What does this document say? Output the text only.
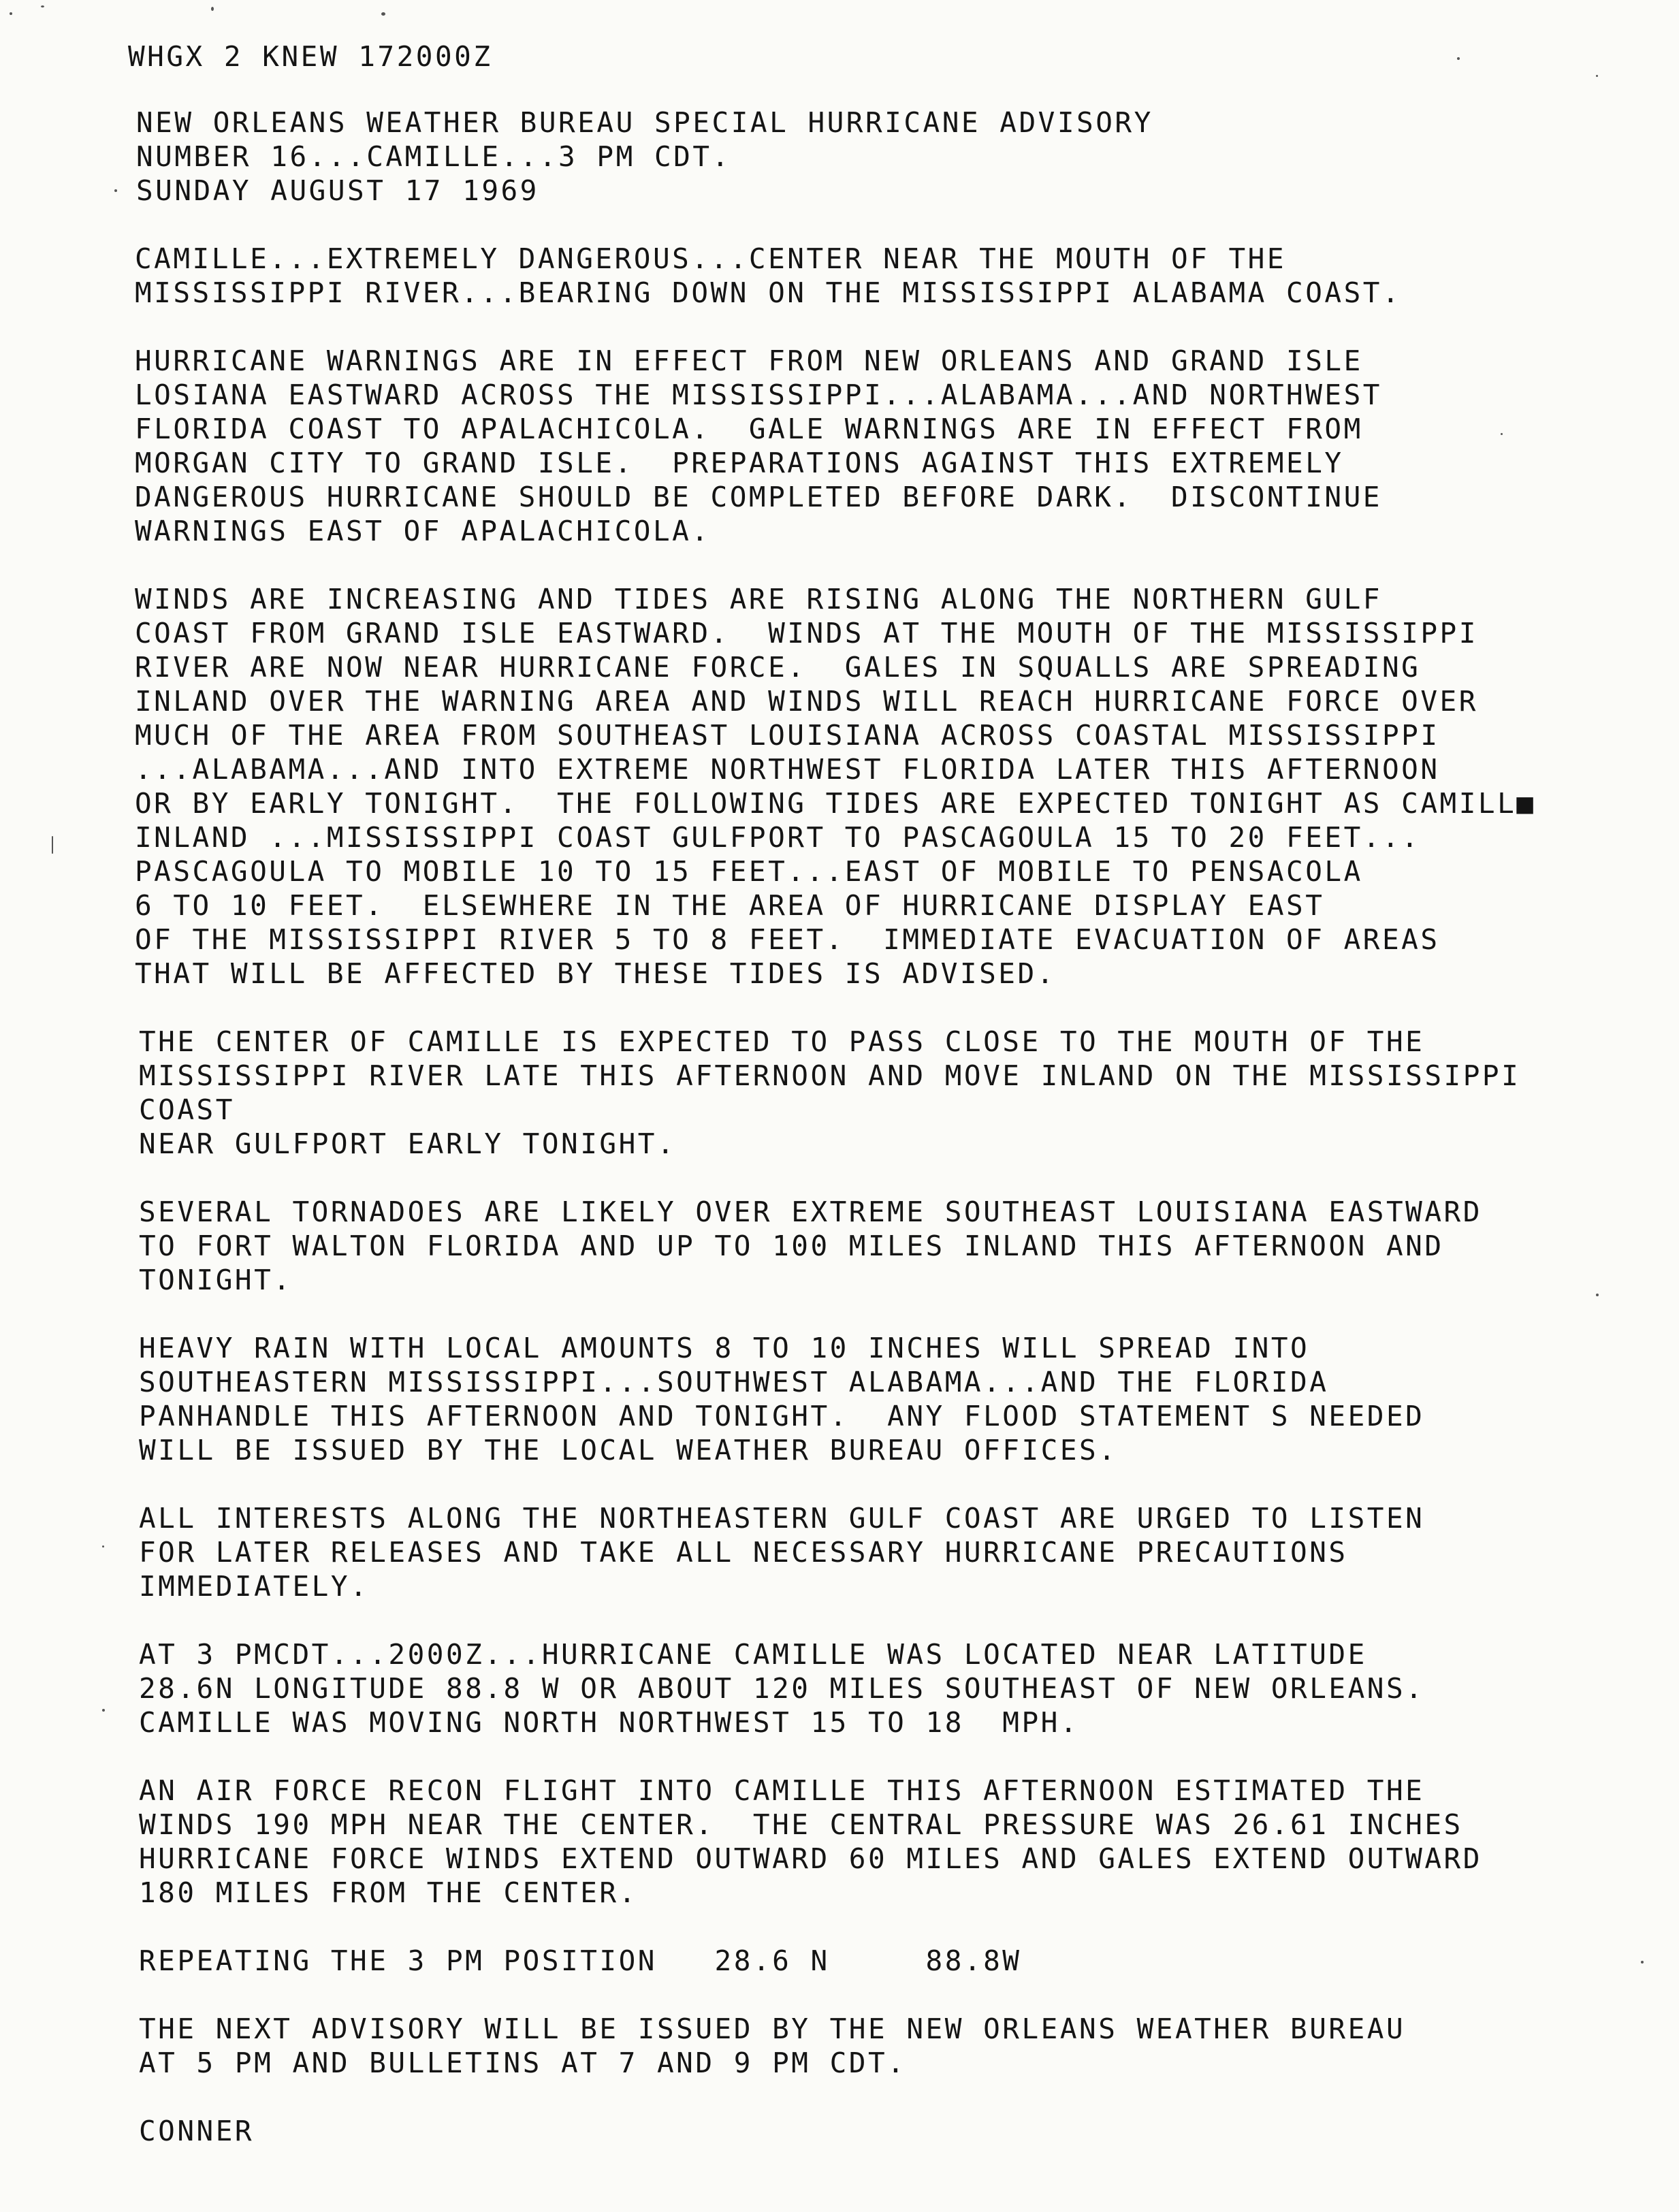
WHGX 2 KNEW 172000Z
NEW ORLEANS WEATHER BUREAU SPECIAL HURRICANE ADVISORY
NUMBER 16...CAMILLE...3 PM CDT.
SUNDAY AUGUST 17 1969
CAMILLE...EXTREMELY DANGEROUS...CENTER NEAR THE MOUTH OF THE
MISSISSIPPI RIVER...BEARING DOWN ON THE MISSISSIPPI ALABAMA COAST.
HURRICANE WARNINGS ARE IN EFFECT FROM NEW ORLEANS AND GRAND ISLE
LOSIANA EASTWARD ACROSS THE MISSISSIPPI...ALABAMA...AND NORTHWEST
FLORIDA COAST TO APALACHICOLA.  GALE WARNINGS ARE IN EFFECT FROM
MORGAN CITY TO GRAND ISLE.  PREPARATIONS AGAINST THIS EXTREMELY
DANGEROUS HURRICANE SHOULD BE COMPLETED BEFORE DARK.  DISCONTINUE
WARNINGS EAST OF APALACHICOLA.
WINDS ARE INCREASING AND TIDES ARE RISING ALONG THE NORTHERN GULF
COAST FROM GRAND ISLE EASTWARD.  WINDS AT THE MOUTH OF THE MISSISSIPPI
RIVER ARE NOW NEAR HURRICANE FORCE.  GALES IN SQUALLS ARE SPREADING
INLAND OVER THE WARNING AREA AND WINDS WILL REACH HURRICANE FORCE OVER
MUCH OF THE AREA FROM SOUTHEAST LOUISIANA ACROSS COASTAL MISSISSIPPI
...ALABAMA...AND INTO EXTREME NORTHWEST FLORIDA LATER THIS AFTERNOON
OR BY EARLY TONIGHT.  THE FOLLOWING TIDES ARE EXPECTED TONIGHT AS CAMILL■
INLAND ...MISSISSIPPI COAST GULFPORT TO PASCAGOULA 15 TO 20 FEET...
PASCAGOULA TO MOBILE 10 TO 15 FEET...EAST OF MOBILE TO PENSACOLA
6 TO 10 FEET.  ELSEWHERE IN THE AREA OF HURRICANE DISPLAY EAST
OF THE MISSISSIPPI RIVER 5 TO 8 FEET.  IMMEDIATE EVACUATION OF AREAS
THAT WILL BE AFFECTED BY THESE TIDES IS ADVISED.
THE CENTER OF CAMILLE IS EXPECTED TO PASS CLOSE TO THE MOUTH OF THE
MISSISSIPPI RIVER LATE THIS AFTERNOON AND MOVE INLAND ON THE MISSISSIPPI
COAST
NEAR GULFPORT EARLY TONIGHT.
SEVERAL TORNADOES ARE LIKELY OVER EXTREME SOUTHEAST LOUISIANA EASTWARD
TO FORT WALTON FLORIDA AND UP TO 100 MILES INLAND THIS AFTERNOON AND
TONIGHT.
HEAVY RAIN WITH LOCAL AMOUNTS 8 TO 10 INCHES WILL SPREAD INTO
SOUTHEASTERN MISSISSIPPI...SOUTHWEST ALABAMA...AND THE FLORIDA
PANHANDLE THIS AFTERNOON AND TONIGHT.  ANY FLOOD STATEMENT S NEEDED
WILL BE ISSUED BY THE LOCAL WEATHER BUREAU OFFICES.
ALL INTERESTS ALONG THE NORTHEASTERN GULF COAST ARE URGED TO LISTEN
FOR LATER RELEASES AND TAKE ALL NECESSARY HURRICANE PRECAUTIONS
IMMEDIATELY.
AT 3 PMCDT...2000Z...HURRICANE CAMILLE WAS LOCATED NEAR LATITUDE
28.6N LONGITUDE 88.8 W OR ABOUT 120 MILES SOUTHEAST OF NEW ORLEANS.
CAMILLE WAS MOVING NORTH NORTHWEST 15 TO 18  MPH.
AN AIR FORCE RECON FLIGHT INTO CAMILLE THIS AFTERNOON ESTIMATED THE
WINDS 190 MPH NEAR THE CENTER.  THE CENTRAL PRESSURE WAS 26.61 INCHES
HURRICANE FORCE WINDS EXTEND OUTWARD 60 MILES AND GALES EXTEND OUTWARD
180 MILES FROM THE CENTER.
REPEATING THE 3 PM POSITION   28.6 N     88.8W
THE NEXT ADVISORY WILL BE ISSUED BY THE NEW ORLEANS WEATHER BUREAU
AT 5 PM AND BULLETINS AT 7 AND 9 PM CDT.
CONNER
